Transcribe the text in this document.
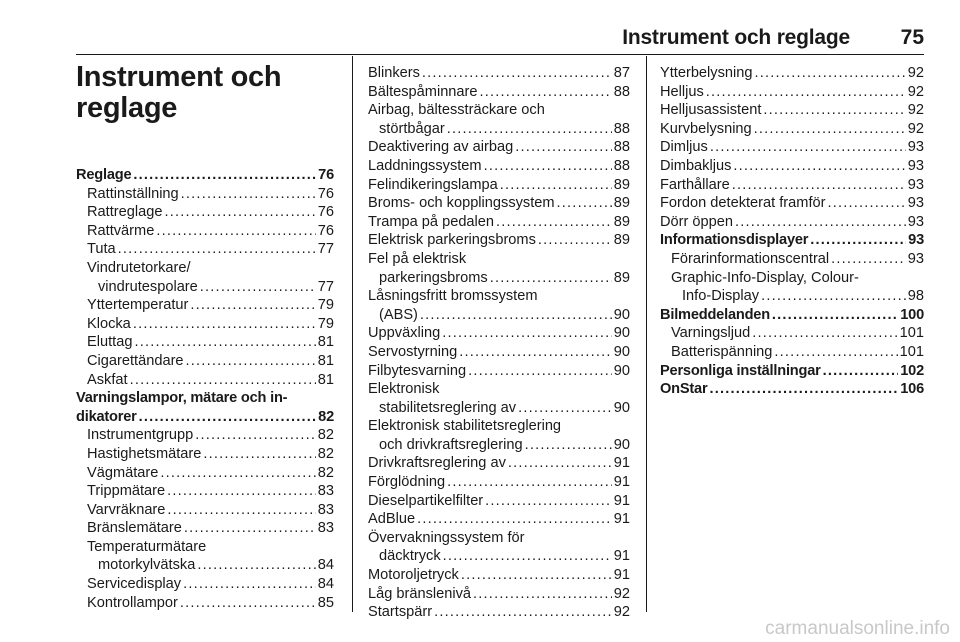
Instrument och reglage 75
Instrument och
reglage
Reglage .....	76
Rattinställning .....	76
Rattreglage .....	76
Rattvärme .....	76
Tuta .....	77
Vindrutetorkare/
vindrutespolare .....	77
Yttertemperatur .....	79
Klocka .....	79
Eluttag .....	81
Cigarettändare .....	81
Askfat .....	81
Varningslampor, mätare och in-
dikatorer .....	82
Instrumentgrupp .....	82
Hastighetsmätare .....	82
Vägmätare .....	82
Trippmätare .....	83
Varvräknare .....	83
Bränslemätare .....	83
Temperaturmätare
motorkylvätska .....	84
Servicedisplay .....	84
Kontrollampor .....	85
Blinkers .....	87
Bältespåminnare .....	88
Airbag, bältessträckare och
störtbågar .....	88
Deaktivering av airbag .....	88
Laddningssystem .....	88
Felindikeringslampa .....	89
Broms- och kopplingssystem .....	89
Trampa på pedalen .....	89
Elektrisk parkeringsbroms .....	89
Fel på elektrisk
parkeringsbroms .....	89
Låsningsfritt bromssystem
(ABS) .....	90
Uppväxling .....	90
Servostyrning .....	90
Filbytesvarning .....	90
Elektronisk
stabilitetsreglering av .....	90
Elektronisk stabilitetsreglering
och drivkraftsreglering .....	90
Drivkraftsreglering av .....	91
Förglödning .....	91
Dieselpartikelfilter .....	91
AdBlue .....	91
Övervakningssystem för
däcktryck .....	91
Motoroljetryck .....	91
Låg bränslenivå .....	92
Startspärr .....	92
Ytterbelysning .....	92
Helljus .....	92
Helljusassistent .....	92
Kurvbelysning .....	92
Dimljus .....	93
Dimbakljus .....	93
Farthållare .....	93
Fordon detekterat framför .....	93
Dörr öppen .....	93
Informationsdisplayer .....	93
Förarinformationscentral .....	93
Graphic-Info-Display, Colour-
Info-Display .....	98
Bilmeddelanden .....	100
Varningsljud .....	101
Batterispänning .....	101
Personliga inställningar .....	102
OnStar .....	106
carmanualsonline.info
